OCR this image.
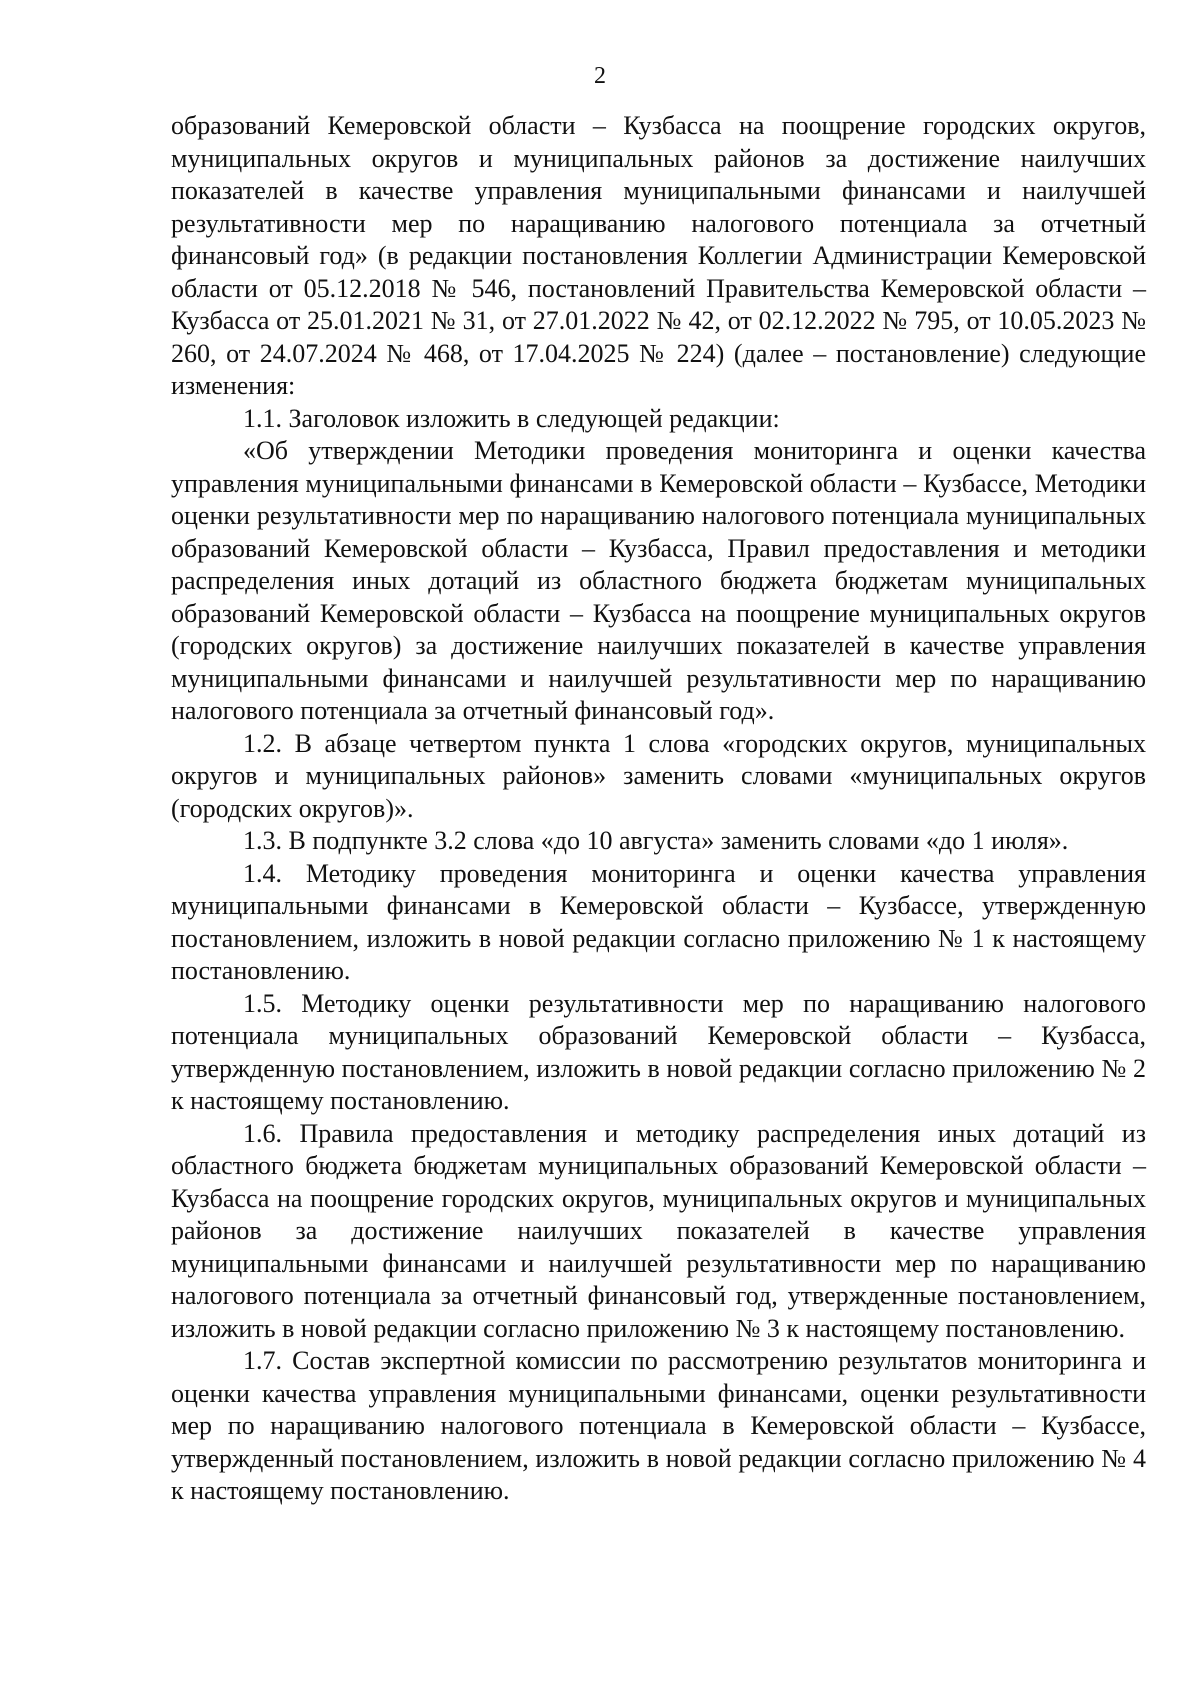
2

образований Кемеровской области – Кузбасса на поощрение городских округов, муниципальных округов и муниципальных районов за достижение наилучших показателей в качестве управления муниципальными финансами и наилучшей результативности мер по наращиванию налогового потенциала за отчетный финансовый год» (в редакции постановления Коллегии Администрации Кемеровской области от 05.12.2018 № 546, постановлений Правительства Кемеровской области – Кузбасса от 25.01.2021 № 31, от 27.01.2022 № 42, от 02.12.2022 № 795, от 10.05.2023 № 260, от 24.07.2024 № 468, от 17.04.2025 № 224) (далее – постановление) следующие изменения:

1.1. Заголовок изложить в следующей редакции:

«Об утверждении Методики проведения мониторинга и оценки качества управления муниципальными финансами в Кемеровской области – Кузбассе, Методики оценки результативности мер по наращиванию налогового потенциала муниципальных образований Кемеровской области – Кузбасса, Правил предоставления и методики распределения иных дотаций из областного бюджета бюджетам муниципальных образований Кемеровской области – Кузбасса на поощрение муниципальных округов (городских округов) за достижение наилучших показателей в качестве управления муниципальными финансами и наилучшей результативности мер по наращиванию налогового потенциала за отчетный финансовый год».

1.2. В абзаце четвертом пункта 1 слова «городских округов, муниципальных округов и муниципальных районов» заменить словами «муниципальных округов (городских округов)».

1.3. В подпункте 3.2 слова «до 10 августа» заменить словами «до 1 июля».

1.4. Методику проведения мониторинга и оценки качества управления муниципальными финансами в Кемеровской области – Кузбассе, утвержденную постановлением, изложить в новой редакции согласно приложению № 1 к настоящему постановлению.

1.5. Методику оценки результативности мер по наращиванию налогового потенциала муниципальных образований Кемеровской области – Кузбасса, утвержденную постановлением, изложить в новой редакции согласно приложению № 2 к настоящему постановлению.

1.6. Правила предоставления и методику распределения иных дотаций из областного бюджета бюджетам муниципальных образований Кемеровской области – Кузбасса на поощрение городских округов, муниципальных округов и муниципальных районов за достижение наилучших показателей в качестве управления муниципальными финансами и наилучшей результативности мер по наращиванию налогового потенциала за отчетный финансовый год, утвержденные постановлением, изложить в новой редакции согласно приложению № 3 к настоящему постановлению.

1.7. Состав экспертной комиссии по рассмотрению результатов мониторинга и оценки качества управления муниципальными финансами, оценки результативности мер по наращиванию налогового потенциала в Кемеровской области – Кузбассе, утвержденный постановлением, изложить в новой редакции согласно приложению № 4 к настоящему постановлению.
